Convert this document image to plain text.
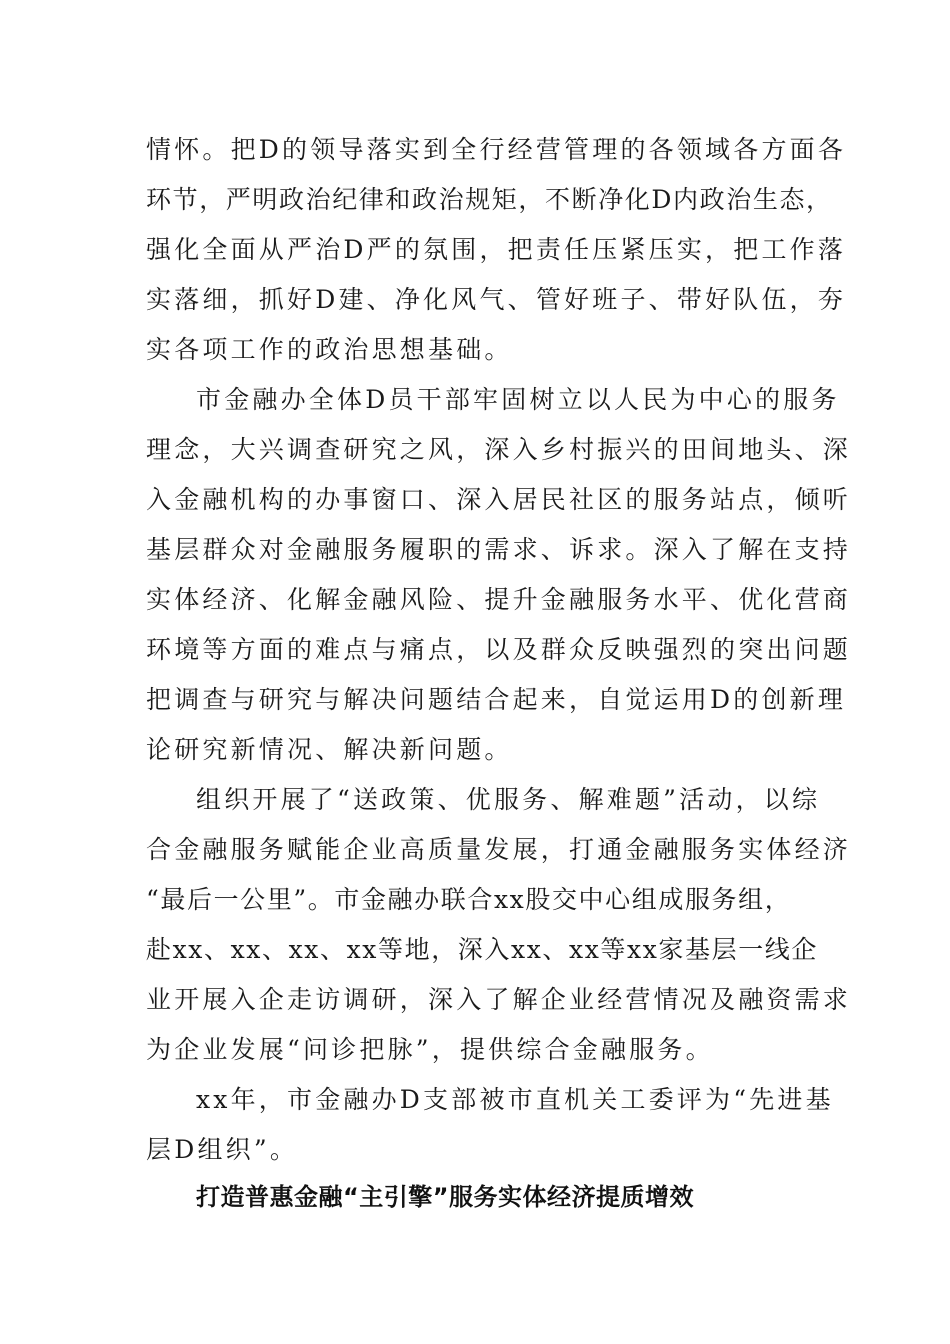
情怀。把D的领导落实到全行经营管理的各领域各方面各
环节，严明政治纪律和政治规矩，不断净化D内政治生态，
强化全面从严治D严的氛围，把责任压紧压实，把工作落
实落细，抓好D建、净化风气、管好班子、带好队伍，夯
实各项工作的政治思想基础。
市金融办全体D员干部牢固树立以人民为中心的服务
理念，大兴调查研究之风，深入乡村振兴的田间地头、深
入金融机构的办事窗口、深入居民社区的服务站点，倾听
基层群众对金融服务履职的需求、诉求。深入了解在支持
实体经济、化解金融风险、提升金融服务水平、优化营商
环境等方面的难点与痛点，以及群众反映强烈的突出问题
把调查与研究与解决问题结合起来，自觉运用D的创新理
论研究新情况、解决新问题。
组织开展了“送政策、优服务、解难题”活动，以综
合金融服务赋能企业高质量发展，打通金融服务实体经济
“最后一公里”。市金融办联合xx股交中心组成服务组，
赴xx、xx、xx、xx等地，深入xx、xx等xx家基层一线企
业开展入企走访调研，深入了解企业经营情况及融资需求
为企业发展“问诊把脉”，提供综合金融服务。
xx年，市金融办D支部被市直机关工委评为“先进基
层D组织”。
打造普惠金融“主引擎”服务实体经济提质增效
